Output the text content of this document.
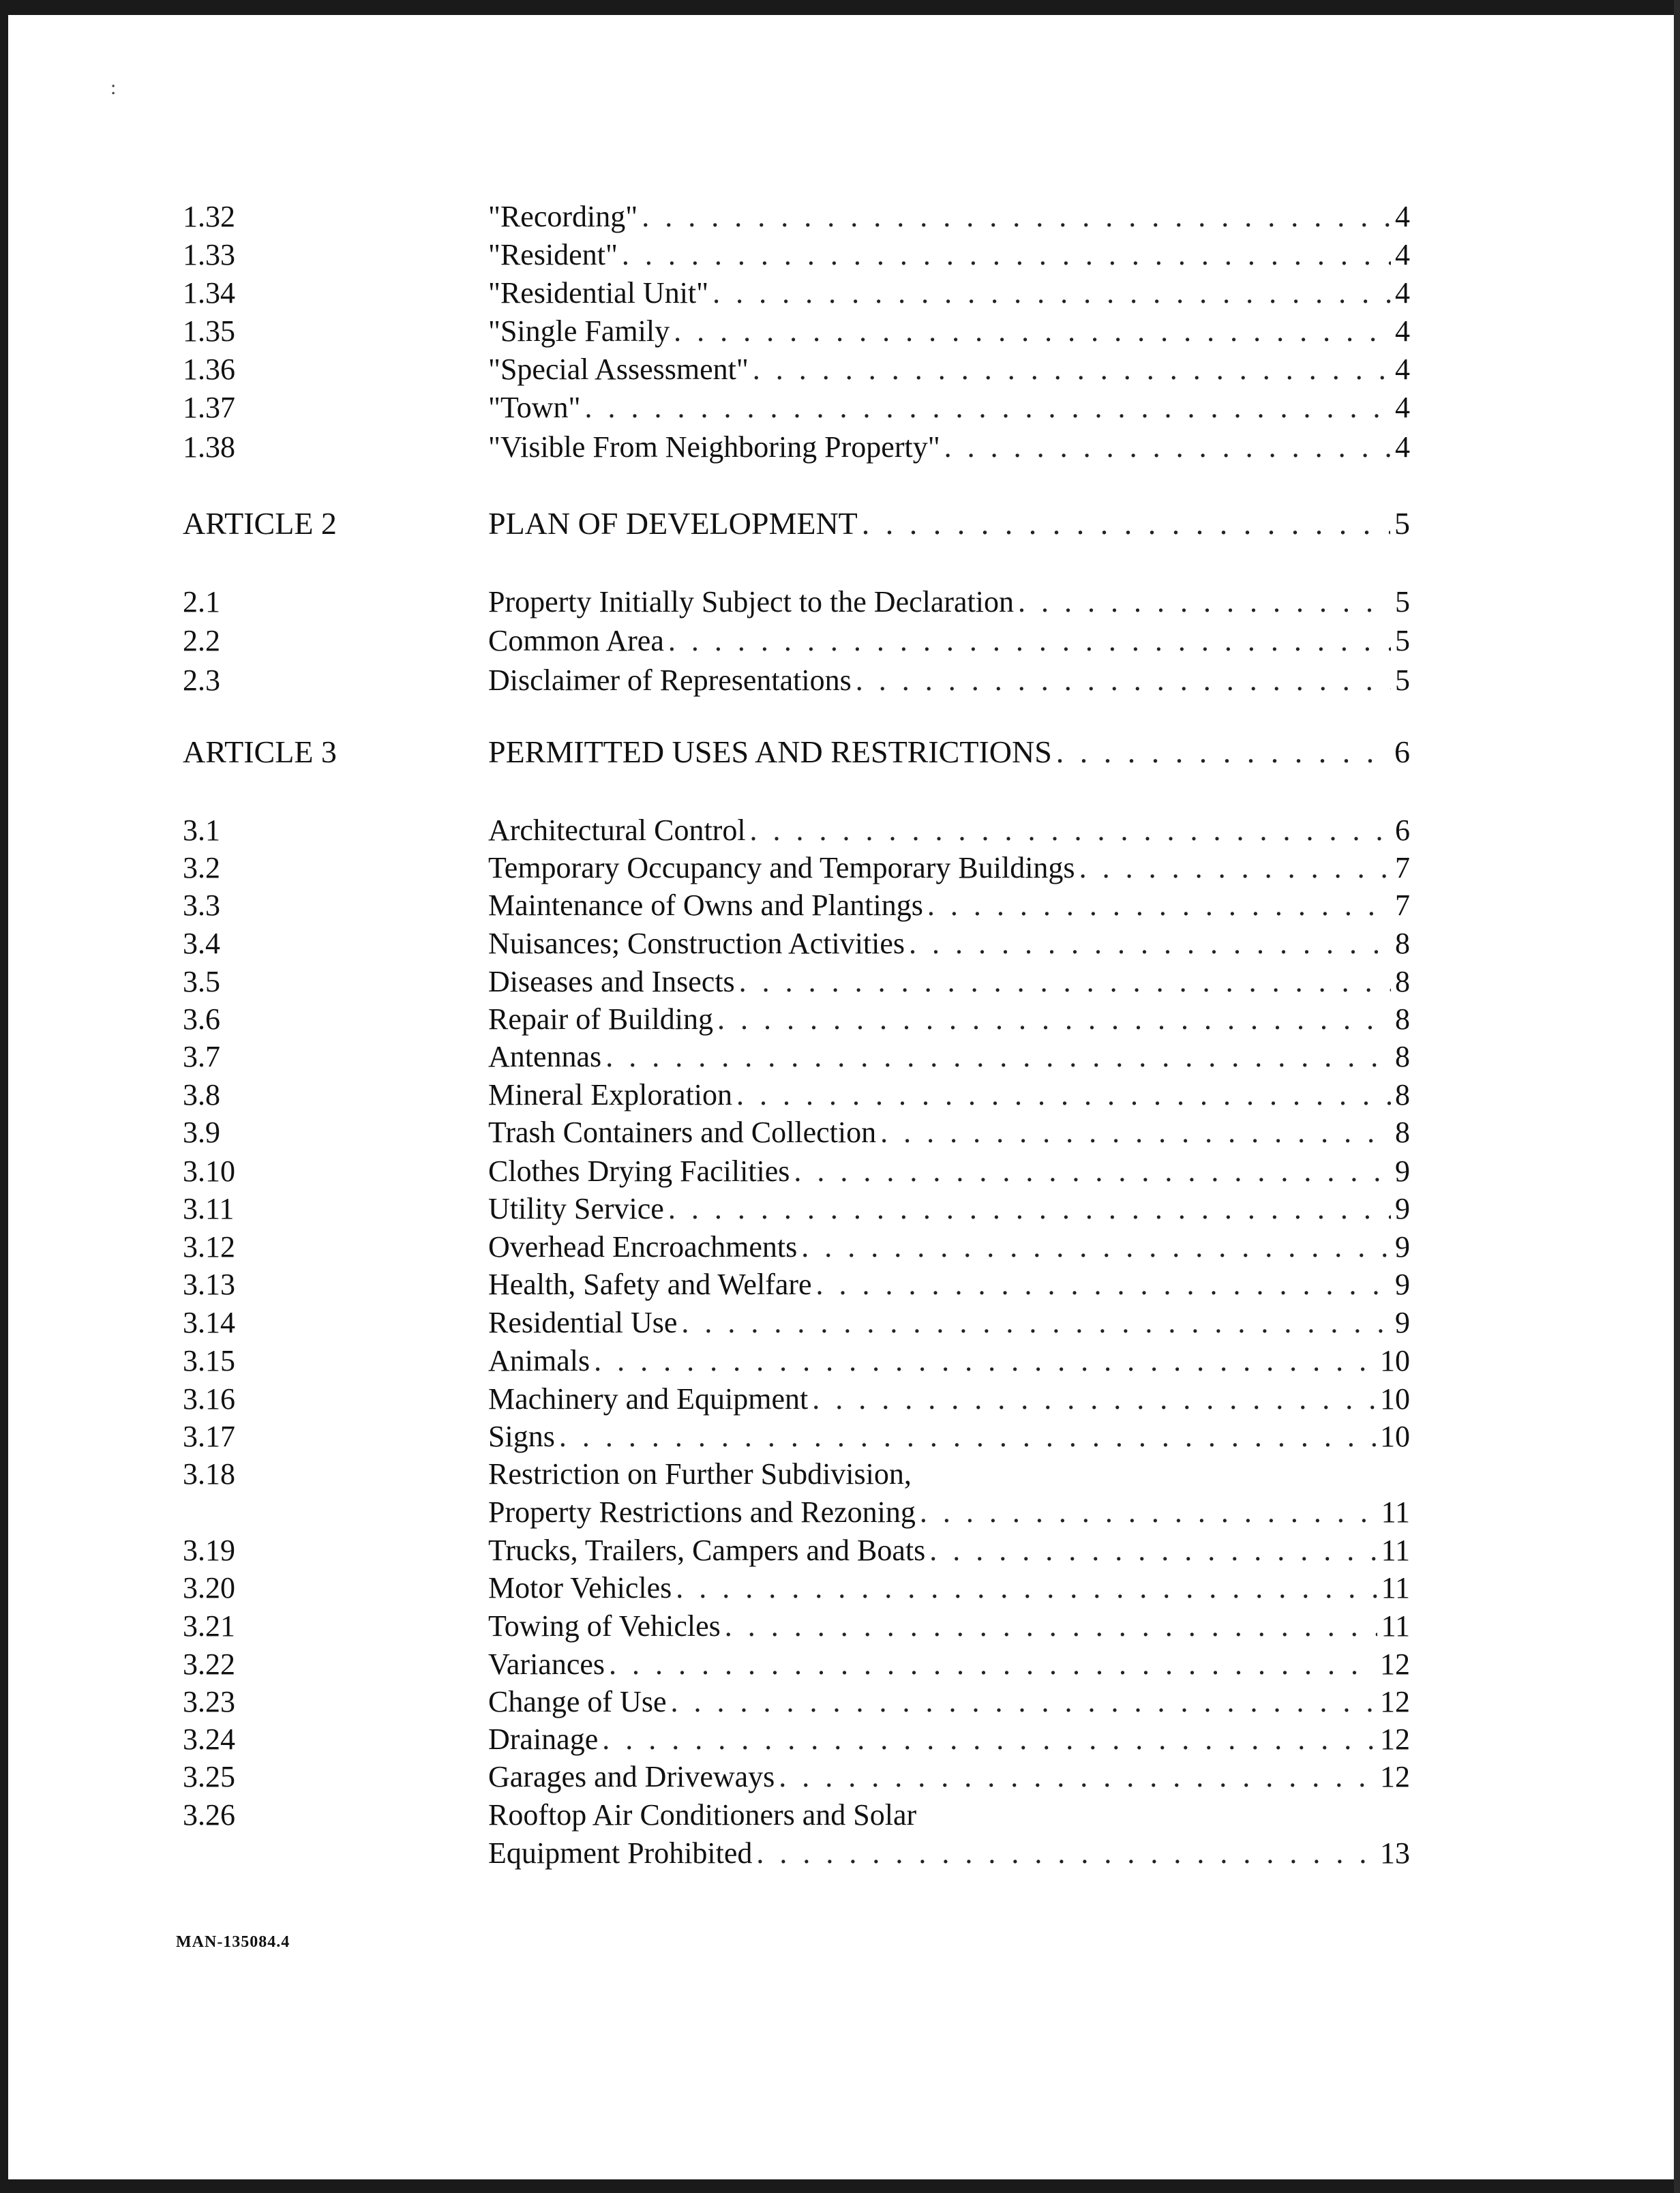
:
1.32	"Recording" . . .	4
1.33	"Resident" . . .	4
1.34	"Residential Unit" . . .	4
1.35	"Single Family . . .	4
1.36	"Special Assessment" . . .	4
1.37	"Town" . . .	4
1.38	"Visible From Neighboring Property" . . .	4
ARTICLE 2	PLAN OF DEVELOPMENT . . .	5
2.1	Property Initially Subject to the Declaration . . .	5
2.2	Common Area . . .	5
2.3	Disclaimer of Representations . . .	5
ARTICLE 3	PERMITTED USES AND RESTRICTIONS . . .	6
3.1	Architectural Control . . .	6
3.2	Temporary Occupancy and Temporary Buildings . . .	7
3.3	Maintenance of Owns and Plantings . . .	7
3.4	Nuisances; Construction Activities . . .	8
3.5	Diseases and Insects . . .	8
3.6	Repair of Building . . .	8
3.7	Antennas . . .	8
3.8	Mineral Exploration . . .	8
3.9	Trash Containers and Collection . . .	8
3.10	Clothes Drying Facilities . . .	9
3.11	Utility Service . . .	9
3.12	Overhead Encroachments . . .	9
3.13	Health, Safety and Welfare . . .	9
3.14	Residential Use . . .	9
3.15	Animals . . .	10
3.16	Machinery and Equipment . . .	10
3.17	Signs . . .	10
3.18	Restriction on Further Subdivision,
Property Restrictions and Rezoning . . .	11
3.19	Trucks, Trailers, Campers and Boats . . .	11
3.20	Motor Vehicles . . .	11
3.21	Towing of Vehicles . . .	11
3.22	Variances . . .	12
3.23	Change of Use . . .	12
3.24	Drainage . . .	12
3.25	Garages and Driveways . . .	12
3.26	Rooftop Air Conditioners and Solar
Equipment Prohibited . . .	13
MAN-135084.4
